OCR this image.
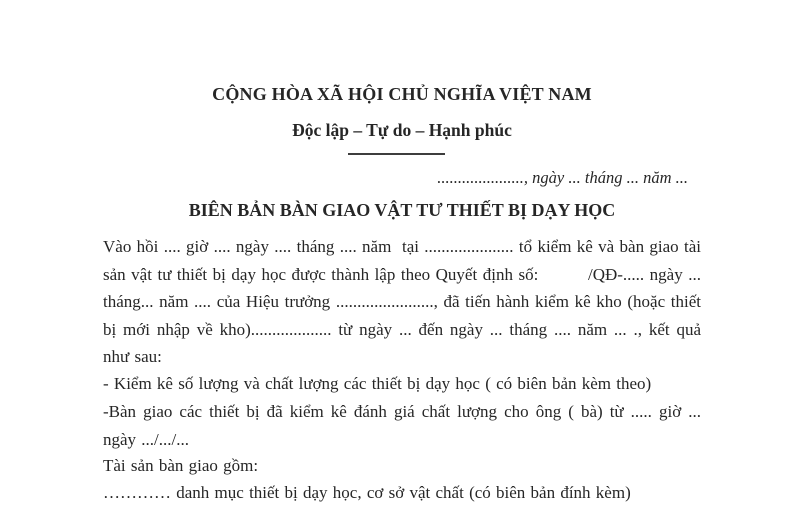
CỘNG HÒA XÃ HỘI CHỦ NGHĨA VIỆT NAM
Độc lập – Tự do – Hạnh phúc
....................., ngày ... tháng ... năm ...
BIÊN BẢN BÀN GIAO VẬT TƯ THIẾT BỊ DẠY HỌC
Vào hồi .... giờ .... ngày .... tháng .... năm  tại ..................... tổ kiểm kê và bàn giao tài sản vật tư thiết bị dạy học được thành lập theo Quyết định số:         /QĐ-..... ngày ... tháng... năm .... của Hiệu trưởng ......................., đã tiến hành kiểm kê kho (hoặc thiết bị mới nhập về kho)................... từ ngày ... đến ngày ... tháng .... năm ... ., kết quả như sau:
- Kiểm kê số lượng và chất lượng các thiết bị dạy học ( có biên bản kèm theo)
-Bàn giao các thiết bị đã kiểm kê đánh giá chất lượng cho ông ( bà) từ ..... giờ ... ngày .../.../...
Tài sản bàn giao gồm:
………… danh mục thiết bị dạy học, cơ sở vật chất (có biên bản đính kèm)
